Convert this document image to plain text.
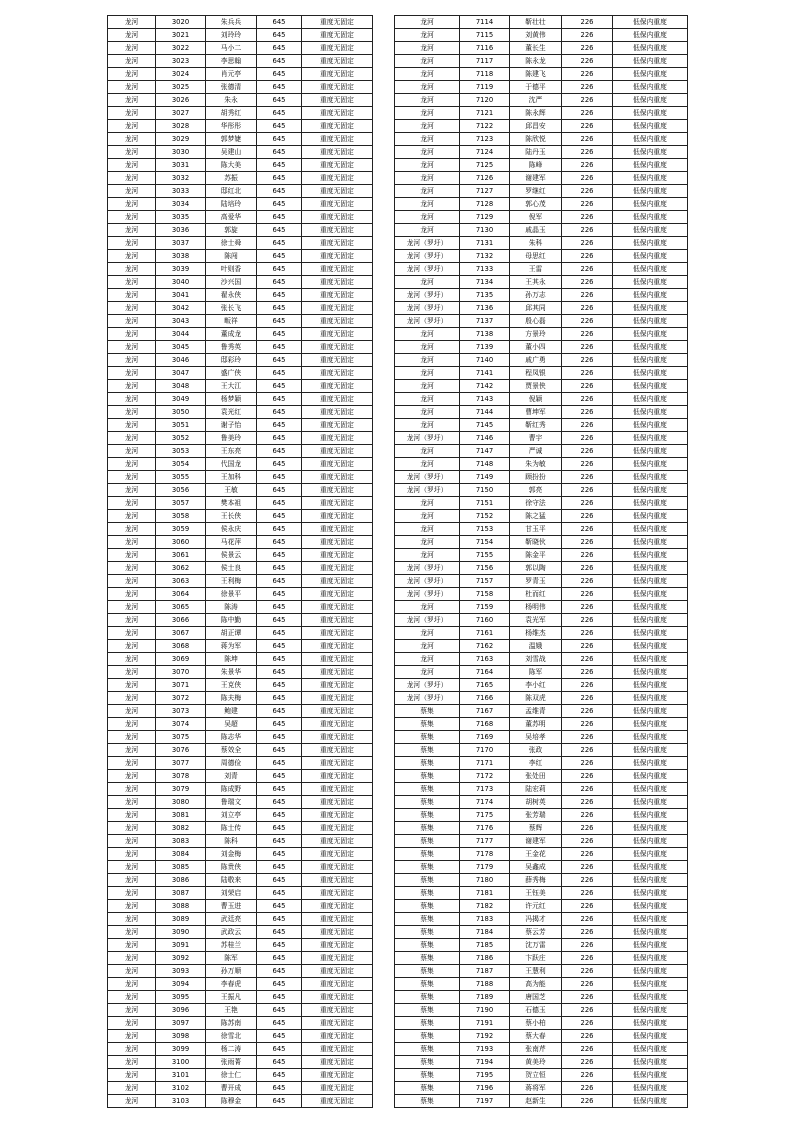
龙河	3020	朱兵兵	645	重度无固定
龙河	3021	刘玲玲	645	重度无固定
龙河	3022	马小二	645	重度无固定
龙河	3023	李思翰	645	重度无固定
龙河	3024	肖元亭	645	重度无固定
龙河	3025	张德清	645	重度无固定
龙河	3026	朱永	645	重度无固定
龙河	3027	胡秀红	645	重度无固定
龙河	3028	华彤彤	645	重度无固定
龙河	3029	郭梦婕	645	重度无固定
龙河	3030	吴建山	645	重度无固定
龙河	3031	陈大美	645	重度无固定
龙河	3032	苏振	645	重度无固定
龙河	3033	邸红北	645	重度无固定
龙河	3034	陆培玲	645	重度无固定
龙河	3035	高爱华	645	重度无固定
龙河	3036	郭旋	645	重度无固定
龙河	3037	徐士舜	645	重度无固定
龙河	3038	陈闯	645	重度无固定
龙河	3039	叶则香	645	重度无固定
龙河	3040	沙兴国	645	重度无固定
龙河	3041	翟永侠	645	重度无固定
龙河	3042	张长飞	645	重度无固定
龙河	3043	畈祥	645	重度无固定
龙河	3044	董成龙	645	重度无固定
龙河	3045	鲁秀英	645	重度无固定
龙河	3046	邸彩玲	645	重度无固定
龙河	3047	盛广侠	645	重度无固定
龙河	3048	王大江	645	重度无固定
龙河	3049	杨梦颖	645	重度无固定
龙河	3050	袁光红	645	重度无固定
龙河	3051	谢子怡	645	重度无固定
龙河	3052	鲁美玲	645	重度无固定
龙河	3053	王东亮	645	重度无固定
龙河	3054	代国龙	645	重度无固定
龙河	3055	王加科	645	重度无固定
龙河	3056	王敏	645	重度无固定
龙河	3057	樊本祖	645	重度无固定
龙河	3058	王长侠	645	重度无固定
龙河	3059	侯永庆	645	重度无固定
龙河	3060	马花萍	645	重度无固定
龙河	3061	侯景云	645	重度无固定
龙河	3062	侯士良	645	重度无固定
龙河	3063	王利梅	645	重度无固定
龙河	3064	徐景平	645	重度无固定
龙河	3065	陈涛	645	重度无固定
龙河	3066	陈中勤	645	重度无固定
龙河	3067	胡正谭	645	重度无固定
龙河	3068	蒋为军	645	重度无固定
龙河	3069	陈坤	645	重度无固定
龙河	3070	朱景华	645	重度无固定
龙河	3071	王克侠	645	重度无固定
龙河	3072	陈夫梅	645	重度无固定
龙河	3073	鲍建	645	重度无固定
龙河	3074	吴超	645	重度无固定
龙河	3075	陈志华	645	重度无固定
龙河	3076	蔡效全	645	重度无固定
龙河	3077	周德俭	645	重度无固定
龙河	3078	刘青	645	重度无固定
龙河	3079	陈成野	645	重度无固定
龙河	3080	鲁瑞文	645	重度无固定
龙河	3081	刘立亭	645	重度无固定
龙河	3082	陈士传	645	重度无固定
龙河	3083	陈科	645	重度无固定
龙河	3084	刘金梅	645	重度无固定
龙河	3085	陈贵侠	645	重度无固定
龙河	3086	陆敬来	645	重度无固定
龙河	3087	刘荣启	645	重度无固定
龙河	3088	曹玉进	645	重度无固定
龙河	3089	武廷亮	645	重度无固定
龙河	3090	武政云	645	重度无固定
龙河	3091	苏桂兰	645	重度无固定
龙河	3092	陈军	645	重度无固定
龙河	3093	孙万顺	645	重度无固定
龙河	3094	李春虎	645	重度无固定
龙河	3095	王振凡	645	重度无固定
龙河	3096	王艳	645	重度无固定
龙河	3097	陈苏南	645	重度无固定
龙河	3098	徐雪北	645	重度无固定
龙河	3099	杨二涛	645	重度无固定
龙河	3100	张雨菁	645	重度无固定
龙河	3101	徐士仁	645	重度无固定
龙河	3102	曹开成	645	重度无固定
龙河	3103	陈穆金	645	重度无固定
龙河	7114	靳壮壮	226	低保内重度
龙河	7115	刘黄伟	226	低保内重度
龙河	7116	董长生	226	低保内重度
龙河	7117	陈永龙	226	低保内重度
龙河	7118	陈建飞	226	低保内重度
龙河	7119	于德平	226	低保内重度
龙河	7120	沈严	226	低保内重度
龙河	7121	陈永辉	226	低保内重度
龙河	7122	邱昌安	226	低保内重度
龙河	7123	陈欣悦	226	低保内重度
龙河	7124	陆丹玉	226	低保内重度
龙河	7125	陈峰	226	低保内重度
龙河	7126	谢建军	226	低保内重度
龙河	7127	罗继红	226	低保内重度
龙河	7128	郭心茂	226	低保内重度
龙河	7129	倪军	226	低保内重度
龙河	7130	戚晶玉	226	低保内重度
龙河（罗圩）	7131	朱科	226	低保内重度
龙河（罗圩）	7132	母思红	226	低保内重度
龙河（罗圩）	7133	王雷	226	低保内重度
龙河	7134	王其永	226	低保内重度
龙河（罗圩）	7135	孙万志	226	低保内重度
龙河（罗圩）	7136	邱其同	226	低保内重度
龙河（罗圩）	7137	殷心磊	226	低保内重度
龙河	7138	方景玲	226	低保内重度
龙河	7139	董小四	226	低保内重度
龙河	7140	戚广勇	226	低保内重度
龙河	7141	程凤银	226	低保内重度
龙河	7142	贾景侠	226	低保内重度
龙河	7143	倪颖	226	低保内重度
龙河	7144	曹坤军	226	低保内重度
龙河	7145	靳红秀	226	低保内重度
龙河（罗圩）	7146	曹宇	226	低保内重度
龙河	7147	严诚	226	低保内重度
龙河	7148	朱为敏	226	低保内重度
龙河（罗圩）	7149	顾扮扮	226	低保内重度
龙河（罗圩）	7150	郭亮	226	低保内重度
龙河	7151	徐守法	226	低保内重度
龙河	7152	陈之猛	226	低保内重度
龙河	7153	甘玉平	226	低保内重度
龙河	7154	靳晓伙	226	低保内重度
龙河	7155	陈金平	226	低保内重度
龙河（罗圩）	7156	郭以陶	226	低保内重度
龙河（罗圩）	7157	罗青玉	226	低保内重度
龙河（罗圩）	7158	杜而红	226	低保内重度
龙河	7159	杨明伟	226	低保内重度
龙河（罗圩）	7160	袁光军	226	低保内重度
龙河	7161	杨维杰	226	低保内重度
龙河	7162	温娥	226	低保内重度
龙河	7163	刘雪战	226	低保内重度
龙河	7164	陈军	226	低保内重度
龙河（罗圩）	7165	李小红	226	低保内重度
龙河（罗圩）	7166	陈双虎	226	低保内重度
蔡集	7167	孟维青	226	低保内重度
蔡集	7168	董苏明	226	低保内重度
蔡集	7169	吴培孝	226	低保内重度
蔡集	7170	张政	226	低保内重度
蔡集	7171	李红	226	低保内重度
蔡集	7172	张处田	226	低保内重度
蔡集	7173	陆宏莉	226	低保内重度
蔡集	7174	胡树英	226	低保内重度
蔡集	7175	张芳瑞	226	低保内重度
蔡集	7176	蔡辉	226	低保内重度
蔡集	7177	谢建军	226	低保内重度
蔡集	7178	王金花	226	低保内重度
蔡集	7179	吴鑫成	226	低保内重度
蔡集	7180	薛秀梅	226	低保内重度
蔡集	7181	王钰美	226	低保内重度
蔡集	7182	许元红	226	低保内重度
蔡集	7183	冯揭才	226	低保内重度
蔡集	7184	蔡云芳	226	低保内重度
蔡集	7185	沈万雷	226	低保内重度
蔡集	7186	卞跃庄	226	低保内重度
蔡集	7187	王慧利	226	低保内重度
蔡集	7188	高为能	226	低保内重度
蔡集	7189	唐国芝	226	低保内重度
蔡集	7190	石德玉	226	低保内重度
蔡集	7191	蔡小柏	226	低保内重度
蔡集	7192	蔡大春	226	低保内重度
蔡集	7193	张南芹	226	低保内重度
蔡集	7194	黄美玲	226	低保内重度
蔡集	7195	贺立恒	226	低保内重度
蔡集	7196	蒋将军	226	低保内重度
蔡集	7197	赵新生	226	低保内重度
